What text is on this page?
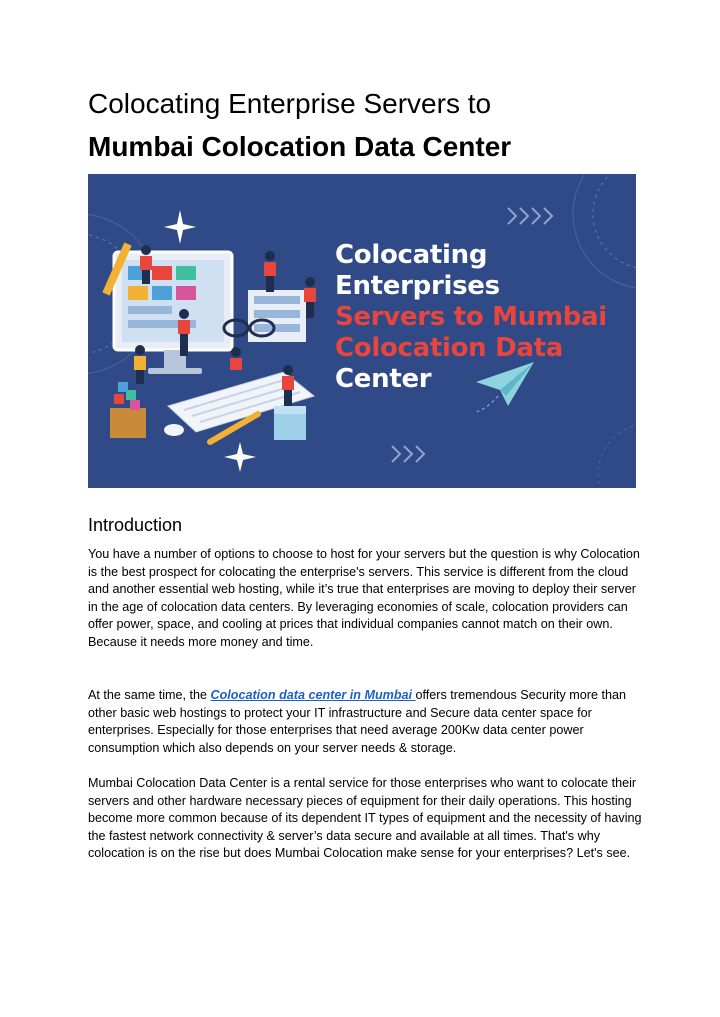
Colocating Enterprise Servers to
Mumbai Colocation Data Center
Colocating
Enterprises
Servers to Mumbai
Colocation Data
Center
Introduction

You have a number of options to choose to host for your servers but the question is why Colocation is the best prospect for colocating the enterprise's servers. This service is different from the cloud and another essential web hosting, while it’s true that enterprises are moving to deploy their server in the age of colocation data centers. By leveraging economies of scale, colocation providers can offer power, space, and cooling at prices that individual companies cannot match on their own. Because it needs more money and time.

At the same time, the Colocation data center in Mumbai offers tremendous Security more than other basic web hostings to protect your IT infrastructure and Secure data center space for enterprises. Especially for those enterprises that need average 200Kw data center power consumption which also depends on your server needs & storage.

Mumbai Colocation Data Center is a rental service for those enterprises who want to colocate their servers and other hardware necessary pieces of equipment for their daily operations. This hosting become more common because of its dependent IT types of equipment and the necessity of having the fastest network connectivity & server’s data secure and available at all times. That's why colocation is on the rise but does Mumbai Colocation make sense for your enterprises? Let's see.
